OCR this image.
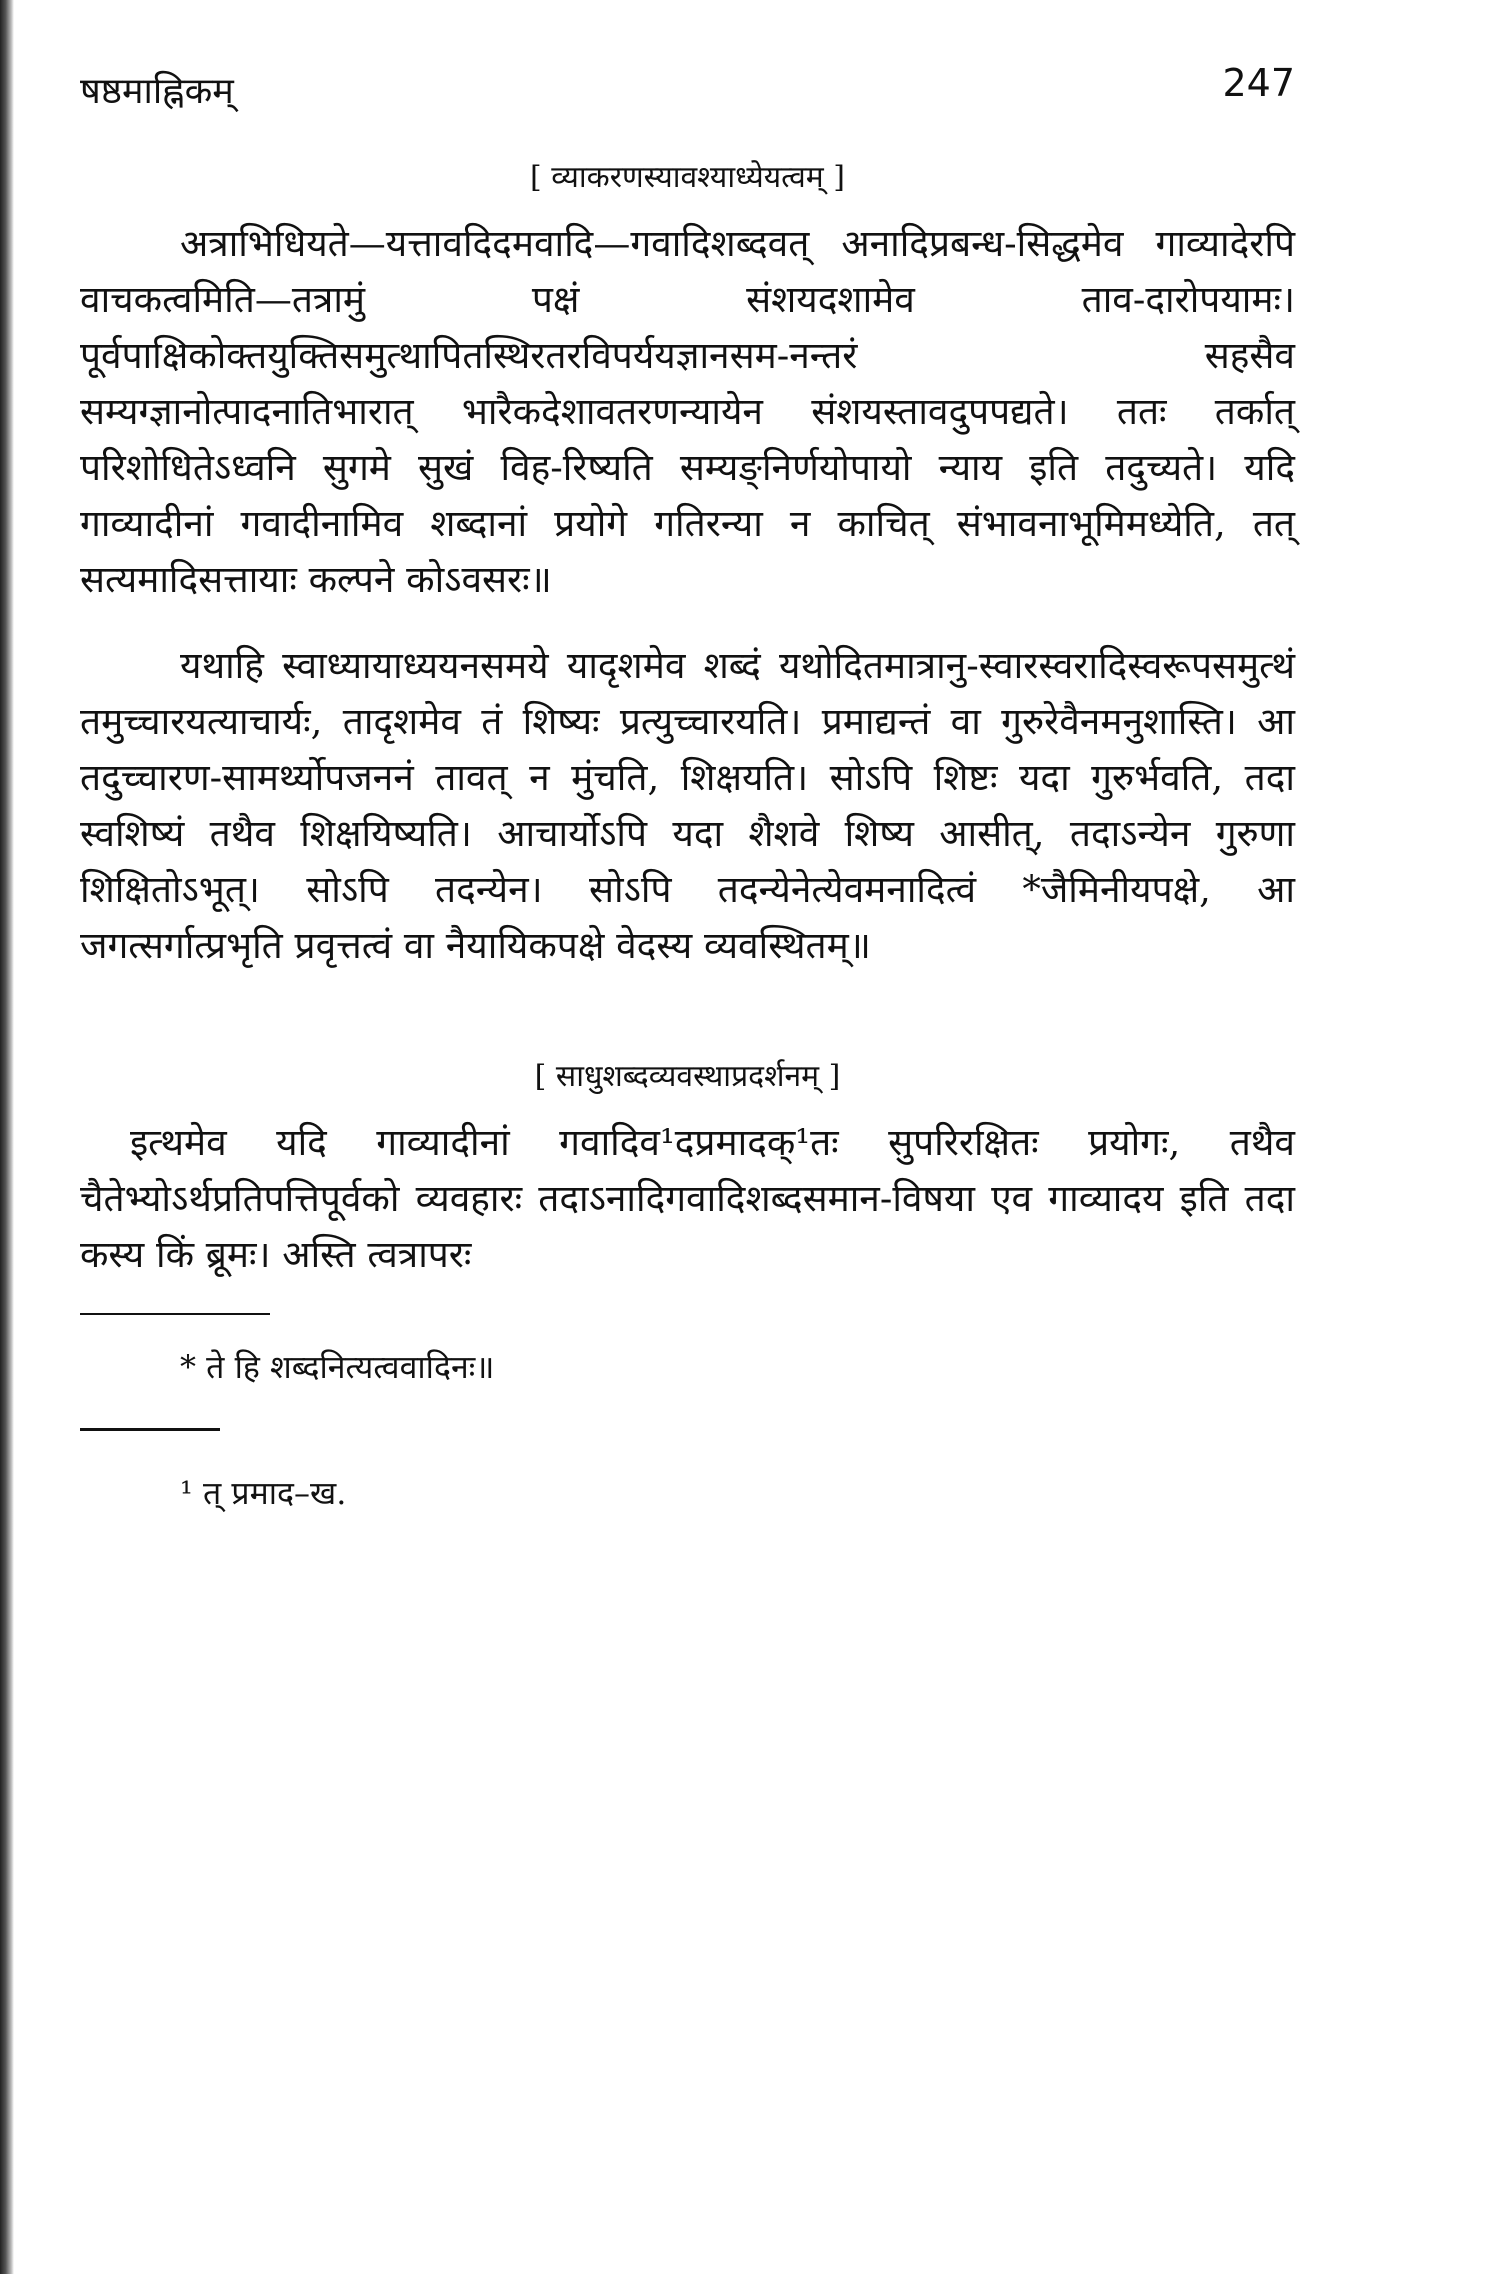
षष्ठमाह्निकम्	247
[ व्याकरणस्यावश्याध्येयत्वम् ]

अत्राभिधियते—यत्तावदिदमवादि—गवादिशब्दवत् अनादिप्रबन्ध-सिद्धमेव गाव्यादेरपि वाचकत्वमिति—तत्रामुं पक्षं संशयदशामेव ताव-दारोपयामः। पूर्वपाक्षिकोक्तयुक्तिसमुत्थापितस्थिरतरविपर्ययज्ञानसम-नन्तरं सहसैव सम्यग्ज्ञानोत्पादनातिभारात् भारैकदेशावतरणन्यायेन संशयस्तावदुपपद्यते। ततः तर्कात् परिशोधितेऽध्वनि सुगमे सुखं विह-रिष्यति सम्यङ्निर्णयोपायो न्याय इति तदुच्यते। यदि गाव्यादीनां गवादीनामिव शब्दानां प्रयोगे गतिरन्या न काचित् संभावनाभूमिमध्येति, तत् सत्यमादिसत्तायाः कल्पने कोऽवसरः॥

यथाहि स्वाध्यायाध्ययनसमये यादृशमेव शब्दं यथोदितमात्रानु-स्वारस्वरादिस्वरूपसमुत्थं तमुच्चारयत्याचार्यः, तादृशमेव तं शिष्यः प्रत्युच्चारयति। प्रमाद्यन्तं वा गुरुरेवैनमनुशास्ति। आ तदुच्चारण-सामर्थ्योपजननं तावत् न मुंचति, शिक्षयति। सोऽपि शिष्टः यदा गुरुर्भवति, तदा स्वशिष्यं तथैव शिक्षयिष्यति। आचार्योऽपि यदा शैशवे शिष्य आसीत्, तदाऽन्येन गुरुणा शिक्षितोऽभूत्। सोऽपि तदन्येन। सोऽपि तदन्येनेत्येवमनादित्वं *जैमिनीयपक्षे, आ जगत्सर्गात्प्रभृति प्रवृत्तत्वं वा नैयायिकपक्षे वेदस्य व्यवस्थितम्॥

[ साधुशब्दव्यवस्थाप्रदर्शनम् ]

इत्थमेव यदि गाव्यादीनां गवादिव¹दप्रमादक्¹तः सुपरिरक्षितः प्रयोगः, तथैव चैतेभ्योऽर्थप्रतिपत्तिपूर्वको व्यवहारः तदाऽनादिगवादिशब्दसमान-विषया एव गाव्यादय इति तदा कस्य किं ब्रूमः। अस्ति त्वत्रापरः

* ते हि शब्दनित्यत्ववादिनः॥
¹ त् प्रमाद–ख.
